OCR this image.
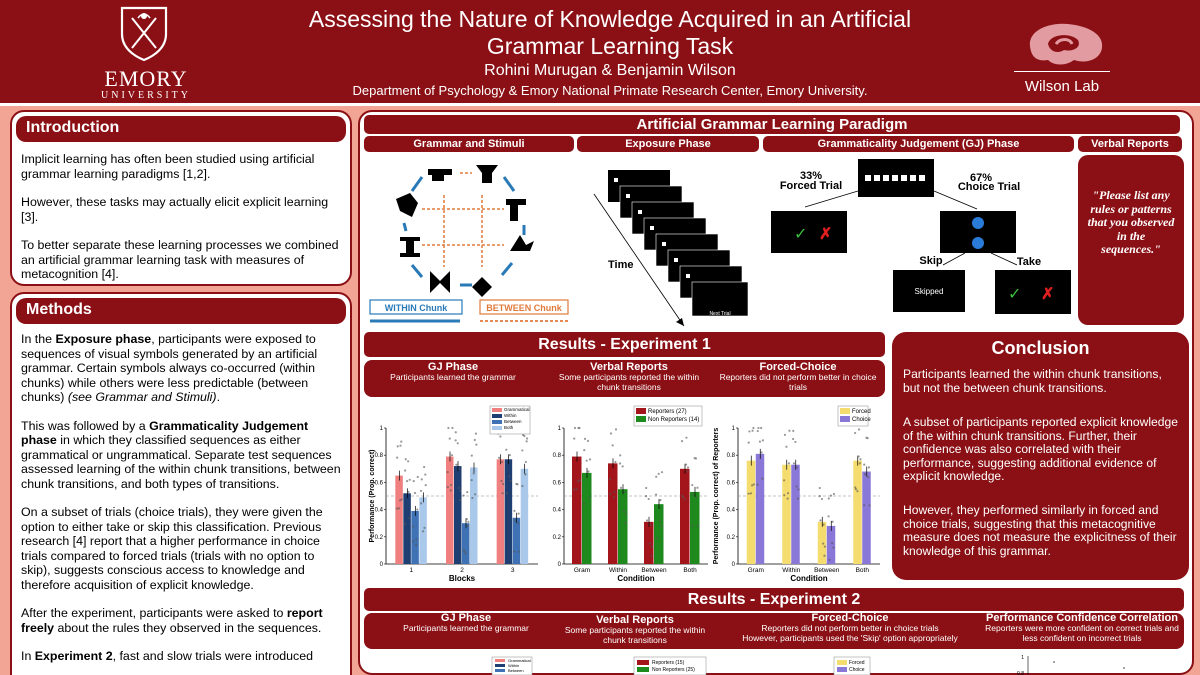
EMORY
UNIVERSITY
Assessing the Nature of Knowledge Acquired in an Artificial
Grammar Learning Task
Rohini Murugan & Benjamin Wilson
Department of Psychology & Emory National Primate Research Center, Emory University.	Wilson Lab
Introduction

Implicit learning has often been studied using artificial grammar learning paradigms [1,2].

However, these tasks may actually elicit explicit learning [3].

To better separate these learning processes we combined an artificial grammar learning task with measures of metacognition [4].

Methods

In the Exposure phase, participants were exposed to sequences of visual symbols generated by an artificial grammar. Certain symbols always co-occurred (within chunks) while others were less predictable (between chunks) (see Grammar and Stimuli).

This was followed by a Grammaticality Judgement phase in which they classified sequences as either grammatical or ungrammatical. Separate test sequences assessed learning of the within chunk transitions, between chunk transitions, and both types of transitions.

On a subset of trials (choice trials), they were given the option to either take or skip this classification. Previous research [4] report that a higher performance in choice trials compared to forced trials (trials with no option to skip), suggests conscious access to knowledge and therefore acquisition of explicit knowledge.

After the experiment, participants were asked to report freely about the rules they observed in the sequences.

In Experiment 2, fast and slow trials were introduced

Artificial Grammar Learning Paradigm
Grammar and Stimuli	Exposure Phase	Grammaticality Judgement (GJ) Phase	Verbal Reports
WITHIN Chunk	BETWEEN Chunk
Next Trial
Time
33%
Forced Trial
67%
Choice Trial
✓ ✗
Skip	Take
Skipped	✓ ✗
"Please list any rules or patterns that you observed in the sequences."
Results - Experiment 1
GJ Phase
Participants learned the grammar
Verbal Reports
Some participants reported the within chunk transitions
Forced-Choice
Reporters did not perform better in choice trials
0
0.2
0.4
0.6
0.8
1
1	2	3
Blocks
Performance (Prop. correct)
Grammatical
Within
Between
Both
0
0.2
0.4
0.6
0.8
1
Gram	Within Between	Both
Condition
Reporters (27)
Non Reporters (14)
0
0.2
0.4
0.6
0.8
1
Gram	Within Between Both
Condition
Performance (Prop. correct) of Reporters
Forced
Choice
Conclusion

Participants learned the within chunk transitions, but not the between chunk transitions.

A subset of participants reported explicit knowledge of the within chunk transitions. Further, their confidence was also correlated with their performance, suggesting additional evidence of explicit knowledge.

However, they performed similarly in forced and choice trials, suggesting that this metacognitive measure does not measure the explicitness of their knowledge of this grammar.

Results - Experiment 2
GJ Phase
Participants learned the grammar
Verbal Reports
Some participants reported the within chunk transitions
Forced-Choice
Reporters did not perform better in choice trials
However, participants used the 'Skip' option appropriately
Performance Confidence Correlation
Reporters were more confident on correct trials and less confident on incorrect trials
Grammatical
Within
Between
Reporters (15)
Non Reporters (25)
Forced
Choice
1
0.8
